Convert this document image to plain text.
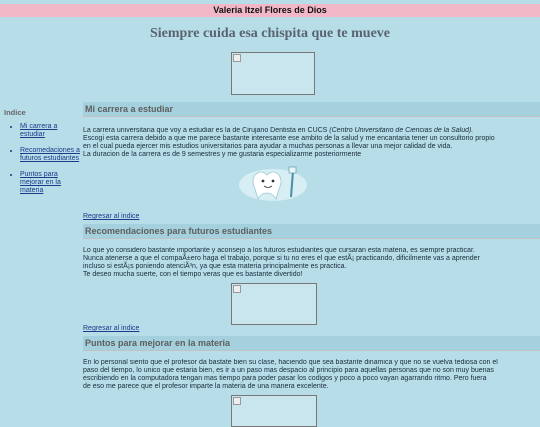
Valeria Itzel Flores de Dios
Siempre cuida esa chispita que te mueve
Indice
• Mi carrera a estudiar
• Recomedaciones a futuros estudiantes
• Puntos para mejorar en la materia
Mi carrera a estudiar
La carrera universitaria que voy a estudiar es la de Cirujano Dentista en CUCS (Centro Universitario de Ciencias de la Salud).
Escogi esta carrera debido a que me parece bastante interesante ese ambito de la salud y me encantaria tener un consultorio propio
en el cual pueda ejercer mis estudios universitarios para ayudar a muchas personas a llevar una mejor calidad de vida.
La duracion de la carrera es de 9 semestres y me gustaria especializarme posteriormente
Regresar al indice
Recomendaciones para futuros estudiantes
Lo que yo considero bastante importante y aconsejo a los futuros estudiantes que cursaran esta materia, es siempre practicar.
Nunca atenerse a que el compaÃ±ero haga el trabajo, porque si tu no eres el que estÃ¡ practicando, dificilmente vas a aprender
incluso si estÃ¡s poniendo atenciÃ³n, ya que esta materia principalmente es practica.
Te deseo mucha suerte, con el tiempo veras que es bastante divertido!
Regresar al indice
Puntos para mejorar en la materia
En lo personal siento que el profesor da bastate bien su clase, haciendo que sea bastante dinamica y que no se vuelva tediosa con el
paso del tiempo, lo unico que estaria bien, es ir a un paso mas despacio al principio para aquellas personas que no son muy buenas
escribiendo en la computadora tengan mas tiempo para poder pasar los codigos y poco a poco vayan agarrando ritmo. Pero fuera
de eso me parece que el profesor imparte la materia de una manera excelente.
